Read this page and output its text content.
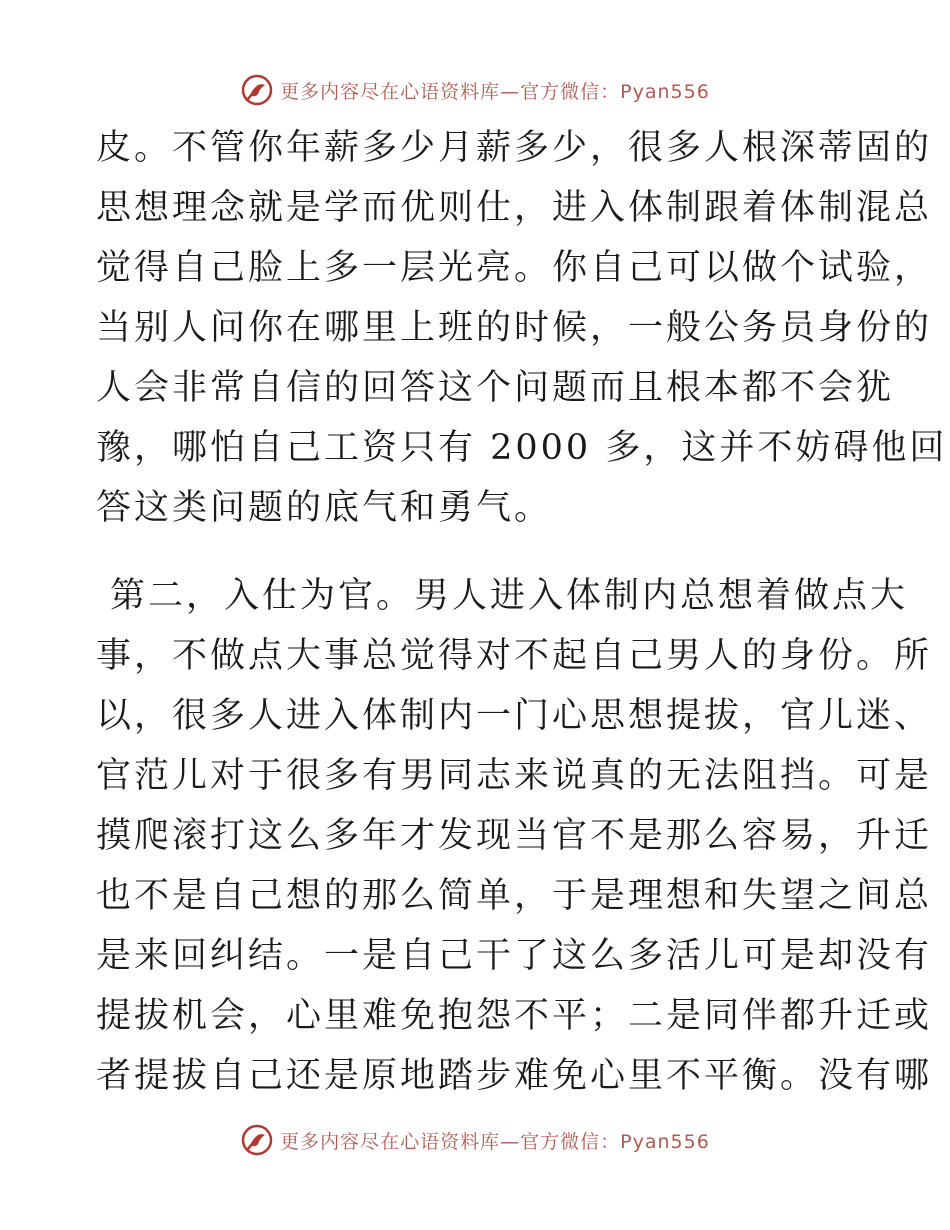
更多内容尽在心语资料库—官方微信：Pyan556

皮。不管你年薪多少月薪多少，很多人根深蒂固的
思想理念就是学而优则仕，进入体制跟着体制混总
觉得自己脸上多一层光亮。你自己可以做个试验，
当别人问你在哪里上班的时候，一般公务员身份的
人会非常自信的回答这个问题而且根本都不会犹
豫，哪怕自己工资只有 2000 多，这并不妨碍他回
答这类问题的底气和勇气。

第二，入仕为官。男人进入体制内总想着做点大
事，不做点大事总觉得对不起自己男人的身份。所
以，很多人进入体制内一门心思想提拔，官儿迷、
官范儿对于很多有男同志来说真的无法阻挡。可是
摸爬滚打这么多年才发现当官不是那么容易，升迁
也不是自己想的那么简单，于是理想和失望之间总
是来回纠结。一是自己干了这么多活儿可是却没有
提拔机会，心里难免抱怨不平；二是同伴都升迁或
者提拔自己还是原地踏步难免心里不平衡。没有哪

更多内容尽在心语资料库—官方微信：Pyan556
